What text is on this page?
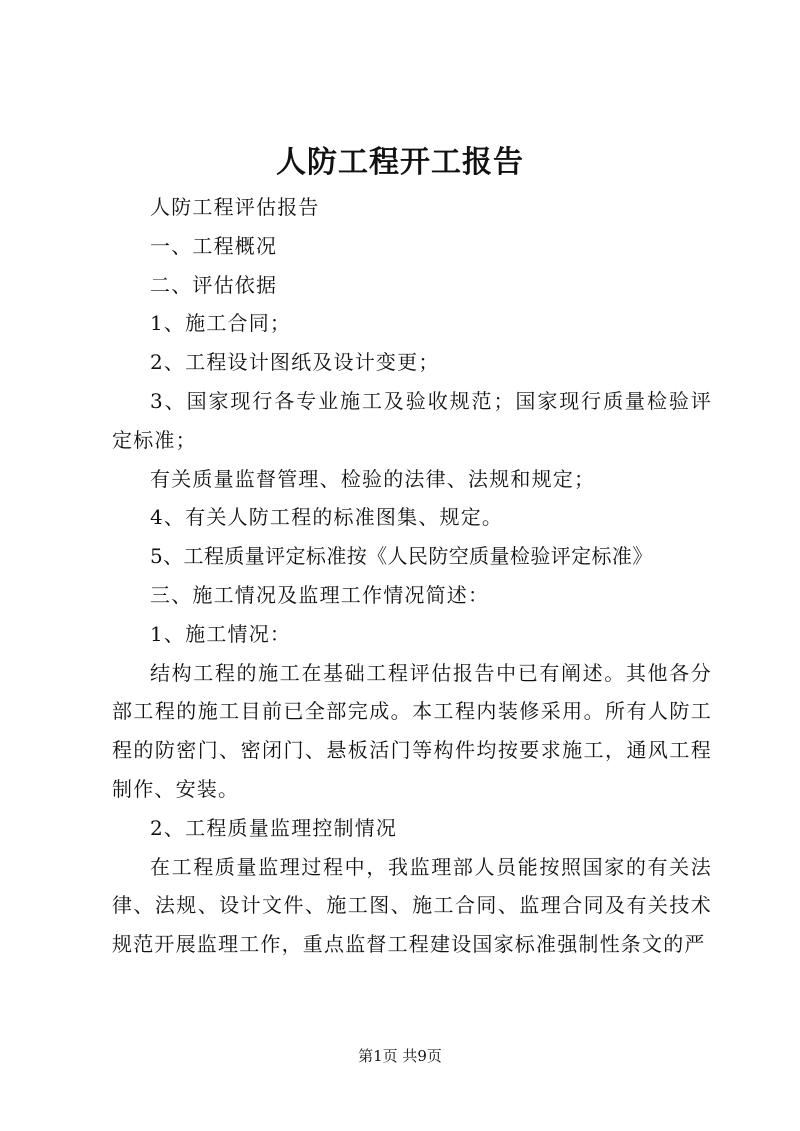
人防工程开工报告

人防工程评估报告

一、工程概况

二、评估依据

1、施工合同；

2、工程设计图纸及设计变更；

3、国家现行各专业施工及验收规范；国家现行质量检验评定标准；

有关质量监督管理、检验的法律、法规和规定；

4、有关人防工程的标准图集、规定。

5、工程质量评定标准按《人民防空质量检验评定标准》

三、施工情况及监理工作情况简述：

1、施工情况：

结构工程的施工在基础工程评估报告中已有阐述。其他各分部工程的施工目前已全部完成。本工程内装修采用。所有人防工程的防密门、密闭门、悬板活门等构件均按要求施工，通风工程制作、安装。

2、工程质量监理控制情况

在工程质量监理过程中，我监理部人员能按照国家的有关法律、法规、设计文件、施工图、施工合同、监理合同及有关技术规范开展监理工作，重点监督工程建设国家标准强制性条文的严

第1页 共9页
